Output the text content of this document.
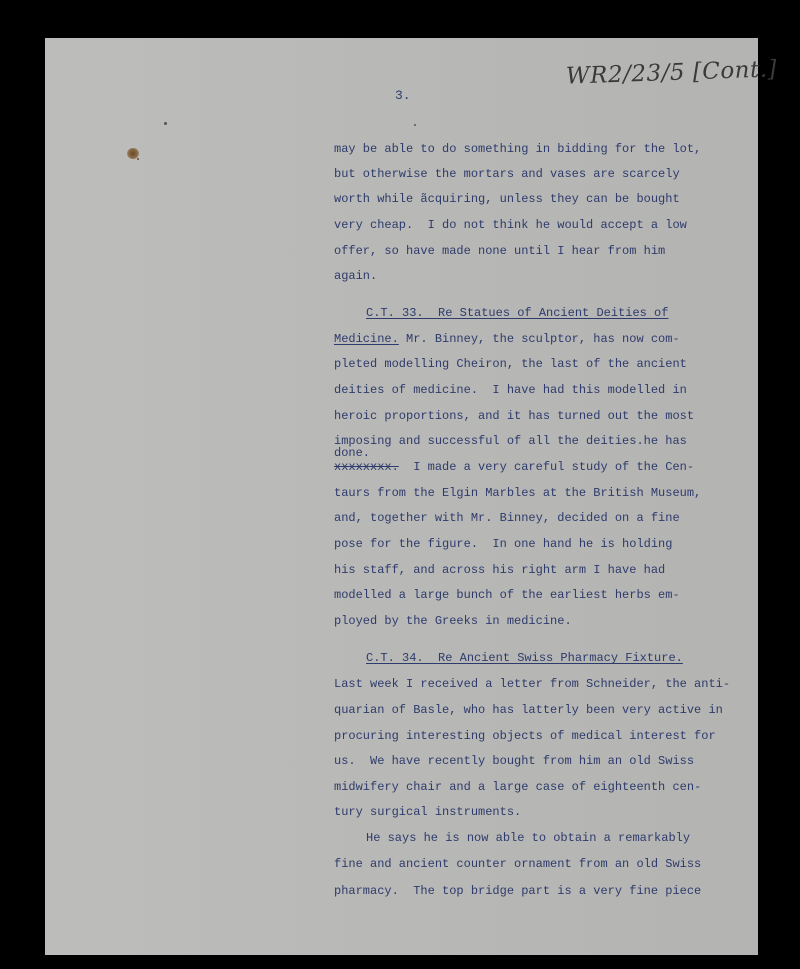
WR2/23/5 [Cont.]
3.

may be able to do something in bidding for the lot,

but otherwise the mortars and vases are scarcely

worth while ãcquiring, unless they can be bought

very cheap.  I do not think he would accept a low

offer, so have made none until I hear from him

again.

C.T. 33.  Re Statues of Ancient Deities of

Medicine. Mr. Binney, the sculptor, has now com-

pleted modelling Cheiron, the last of the ancient

deities of medicine.  I have had this modelled in

heroic proportions, and it has turned out the most

imposing and successful of all the deities.he has

done.

xxxxxxxx.  I made a very careful study of the Cen-

taurs from the Elgin Marbles at the British Museum,

and, together with Mr. Binney, decided on a fine

pose for the figure.  In one hand he is holding

his staff, and across his right arm I have had

modelled a large bunch of the earliest herbs em-

ployed by the Greeks in medicine.

C.T. 34.  Re Ancient Swiss Pharmacy Fixture.

Last week I received a letter from Schneider, the anti-

quarian of Basle, who has latterly been very active in

procuring interesting objects of medical interest for

us.  We have recently bought from him an old Swiss

midwifery chair and a large case of eighteenth cen-

tury surgical instruments.

He says he is now able to obtain a remarkably

fine and ancient counter ornament from an old Swiss

pharmacy.  The top bridge part is a very fine piece
